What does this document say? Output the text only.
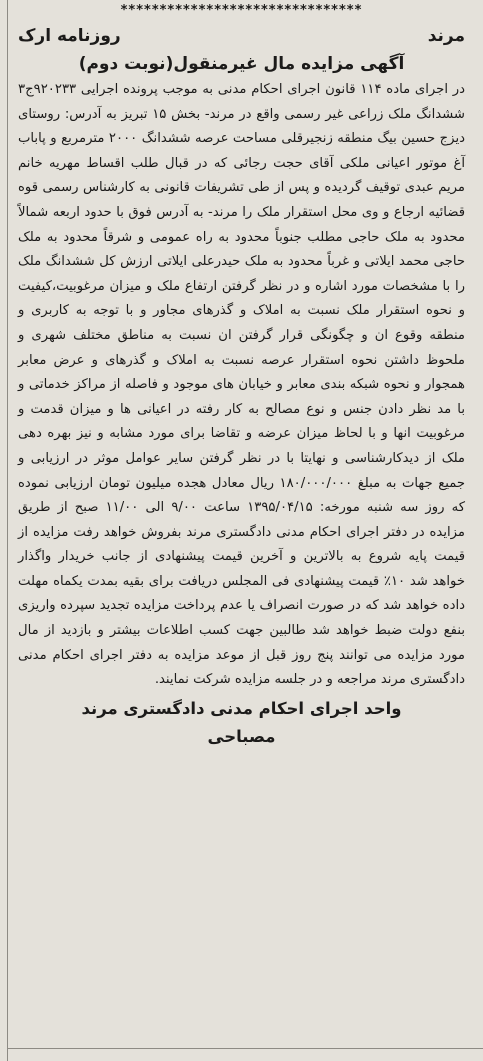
*******************************
مرند
روزنامه ارک
آگهی مزایده مال غیرمنقول(نوبت دوم)

در اجرای ماده ۱۱۴ قانون اجرای احکام مدنی به موجب پرونده اجرایی ۹۲۰۲۳۳ج۳ ششدانگ ملک زراعی غیر رسمی واقع در مرند- بخش ۱۵ تبریز به آدرس: روستای دیزج حسین بیگ منطقه زنجیرقلی مساحت عرصه ششدانگ ۲۰۰۰ مترمربع و پاباب آغ موتور اعیانی ملکی آقای حجت رجائی که در قبال طلب اقساط مهریه خانم مریم عبدی توقیف گردیده و پس از طی تشریفات قانونی به کارشناس رسمی قوه قضائیه ارجاع و وی محل استقرار ملک را مرند- به آدرس فوق با حدود اربعه شمالاً محدود به ملک حاجی مطلب جنوباً محدود به راه عمومی و شرقاً محدود به ملک حاجی محمد ایلاتی و غرباً محدود به ملک حیدرعلی ایلاتی ارزش کل ششدانگ ملک را با مشخصات مورد اشاره و در نظر گرفتن ارتفاع ملک و میزان مرغوبیت،کیفیت و نحوه استقرار ملک نسبت به املاک و گذرهای مجاور و با توجه به کاربری و منطقه وقوع ان و چگونگی قرار گرفتن ان نسبت به مناطق مختلف شهری و ملحوظ داشتن نحوه استقرار عرصه نسبت به املاک و گذرهای و عرض معابر همجوار و نحوه شبکه بندی معابر و خیابان های موجود و فاصله از مراکز خدماتی و با مد نظر دادن جنس و نوع مصالح به کار رفته در اعیانی ها و میزان قدمت و مرغوبیت انها و با لحاظ میزان عرضه و تقاضا برای مورد مشابه و نیز بهره دهی ملک از دیدکارشناسی و نهایتا با در نظر گرفتن سایر عوامل موثر در ارزیابی و جمیع جهات به مبلغ ۱۸۰/۰۰۰/۰۰۰ ریال معادل هجده میلیون تومان ارزیابی نموده که روز سه شنبه مورخه: ۱۳۹۵/۰۴/۱۵ ساعت ۹/۰۰ الی ۱۱/۰۰ صبح از طریق مزایده در دفتر اجرای احکام مدنی دادگستری مرند بفروش خواهد رفت مزایده از قیمت پایه شروع به بالاترین و آخرین قیمت پیشنهادی از جانب خریدار واگذار خواهد شد ۱۰٪ قیمت پیشنهادی فی المجلس دریافت برای بقیه بمدت یکماه مهلت داده خواهد شد که در صورت انصراف یا عدم پرداخت مزایده تجدید سپرده واریزی بنفع دولت ضبط خواهد شد طالبین جهت کسب اطلاعات بیشتر و بازدید از مال مورد مزایده می توانند پنج روز قبل از موعد مزایده به دفتر اجرای احکام مدنی دادگستری مرند مراجعه و در جلسه مزایده شرکت نمایند.

واحد اجرای احکام مدنی دادگستری مرند
مصباحی
